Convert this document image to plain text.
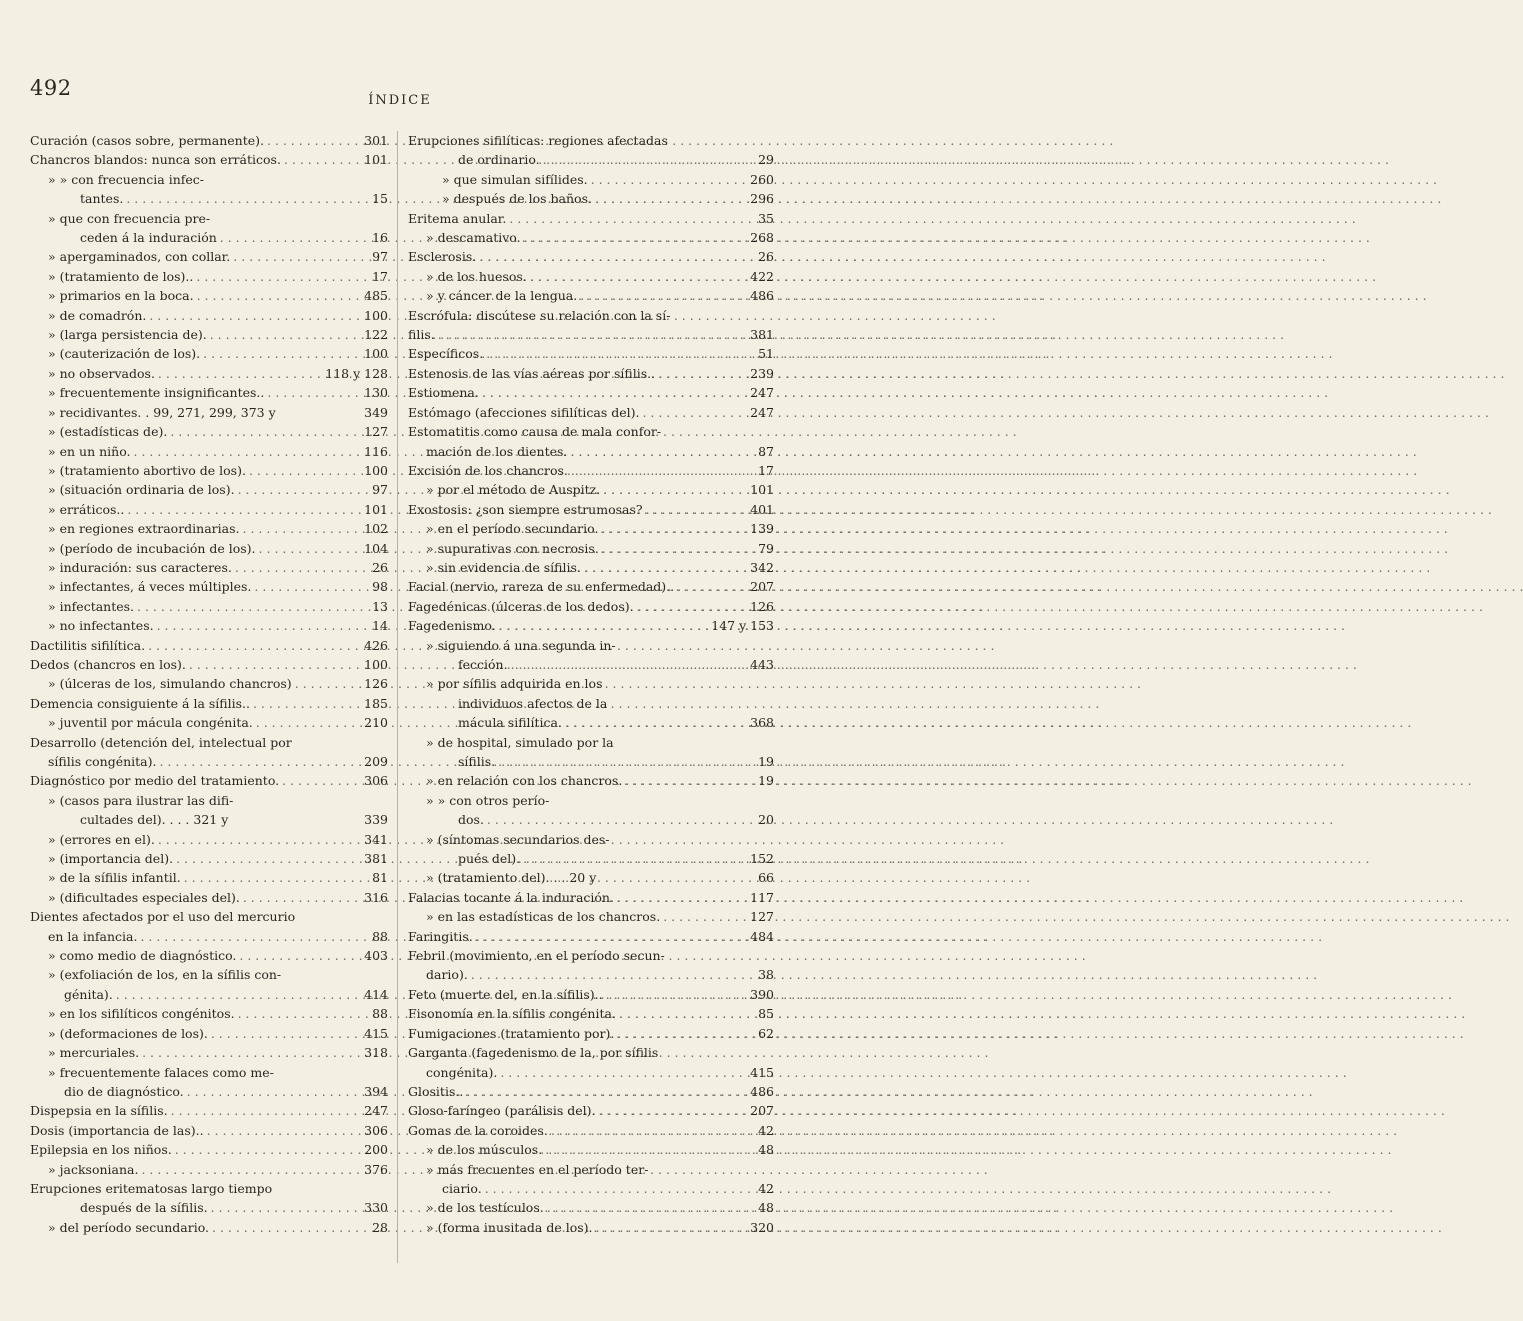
492
ÍNDICE
Curación (casos sobre, permanente). . . .	301
Chancros blandos: nunca son erráticos. . . .	101
» » con frecuencia infec-
tantes. . . .	15
» que con frecuencia pre-
ceden á la induración . . .	16
» apergaminados, con collar. . . .	97
» (tratamiento de los).. . . .	17
» primarios en la boca. . . .	485
» de comadrón. . . .	100
» (larga persistencia de). . . .	122
» (cauterización de los). . . .	100
» no observados. . . .	118 y 128
» frecuentemente insignificantes.. . . .	130
» recidivantes. . 99, 271, 299, 373 y	349
» (estadísticas de). . . .	127
» en un niño. . . .	116
» (tratamiento abortivo de los). . . .	100
» (situación ordinaria de los). . . .	97
» erráticos.. . . .	101
» en regiones extraordinarias. . . .	102
» (período de incubación de los). . . .	104
» induración: sus caracteres. . . .	26
» infectantes, á veces múltiples. . . .	98
» infectantes. . . .	13
» no infectantes. . . .	14
Dactilitis sifilítica. . . .	426
Dedos (chancros en los). . . .	100
» (úlceras de los, simulando chancros) . . .	126
Demencia consiguiente á la sífilis.. . . .	185
» juventil por mácula congénita. . . .	210
Desarrollo (detención del, intelectual por
sífilis congénita). . . .	209
Diagnóstico por medio del tratamiento. . . .	306
» (casos para ilustrar las difi-
cultades del). . . . 321 y	339
» (errores en el). . . .	341
» (importancia del). . . .	381
» de la sífilis infantil. . . .	81
» (dificultades especiales del). . . .	316
Dientes afectados por el uso del mercurio
en la infancia. . . .	88
» como medio de diagnóstico. . . .	403
» (exfoliación de los, en la sífilis con-
génita). . . .	414
» en los sifilíticos congénitos. . . .	88
» (deformaciones de los). . . .	415
» mercuriales. . . .	318
» frecuentemente falaces como me-
dio de diagnóstico. . . .	394
Dispepsia en la sífilis. . . .	247
Dosis (importancia de las).. . . .	306
Epilepsia en los niños. . . .	200
» jacksoniana. . . .	376
Erupciones eritematosas largo tiempo
después de la sífilis. . . .	330
» del período secundario. . . .	28
Erupciones sifilíticas: regiones afectadas
de ordinario. . . .	29
» que simulan sifílides. . . .	260
» después de los baños. . . .	296
Eritema anular. . . .	35
» descamativo. . . .	268
Esclerosis. . . .	26
» de los huesos. . . .	422
» y cáncer de la lengua. . . .	486
Escrófula: discútese su relación con la sí-
filis. . . .	381
Específicos. . . .	51
Estenosis de las vías aéreas por sífilis.. . . .	239
Estiomena. . . .	247
Estómago (afecciones sifilíticas del). . . .	247
Estomatitis como causa de mala confor-
mación de los dientes. . . .	87
Excisión de los chancros. . . .	17
» por el método de Auspitz. . . .	101
Exostosis: ¿son siempre estrumosas? . . .	401
» en el período secundario. . . .	139
» supurativas con necrosis. . . .	79
» sin evidencia de sífilis. . . .	342
Facial (nervio, rareza de su enfermedad).. . . .	207
Fagedénicas (úlceras de los dedos). . . .	126
Fagedenismo. . . .	147 y 153
» siguiendo á una segunda in-
fección. . . .	443
» por sífilis adquirida en los
individuos afectos de la
mácula sifilítica. . . .	368
» de hospital, simulado por la
sífilis. . . .	19
» en relación con los chancros. . . .	19
» » con otros perío-
dos. . . .	20
» (síntomas secundarios des-
pués del). . . .	152
» (tratamiento del). . . 20 y	66
Falacias tocante á la induración. . . .	117
» en las estadísticas de los chancros. . . .	127
Faringitis. . . .	484
Febril (movimiento, en el período secun-
dario). . . .	38
Feto (muerte del, en la sífilis).. . . .	390
Fisonomía en la sífilis congénita. . . .	85
Fumigaciones (tratamiento por). . . .	62
Garganta (fagedenismo de la, por sífilis
congénita). . . .	415
Glositis.. . . .	486
Gloso-faríngeo (parálisis del). . . .	207
Gomas de la coroides. . . .	42
» de los músculos. . . .	48
» más frecuentes en el período ter-
ciario. . . .	42
» de los testículos. . . .	48
» (forma inusitada de los). . . .	320
